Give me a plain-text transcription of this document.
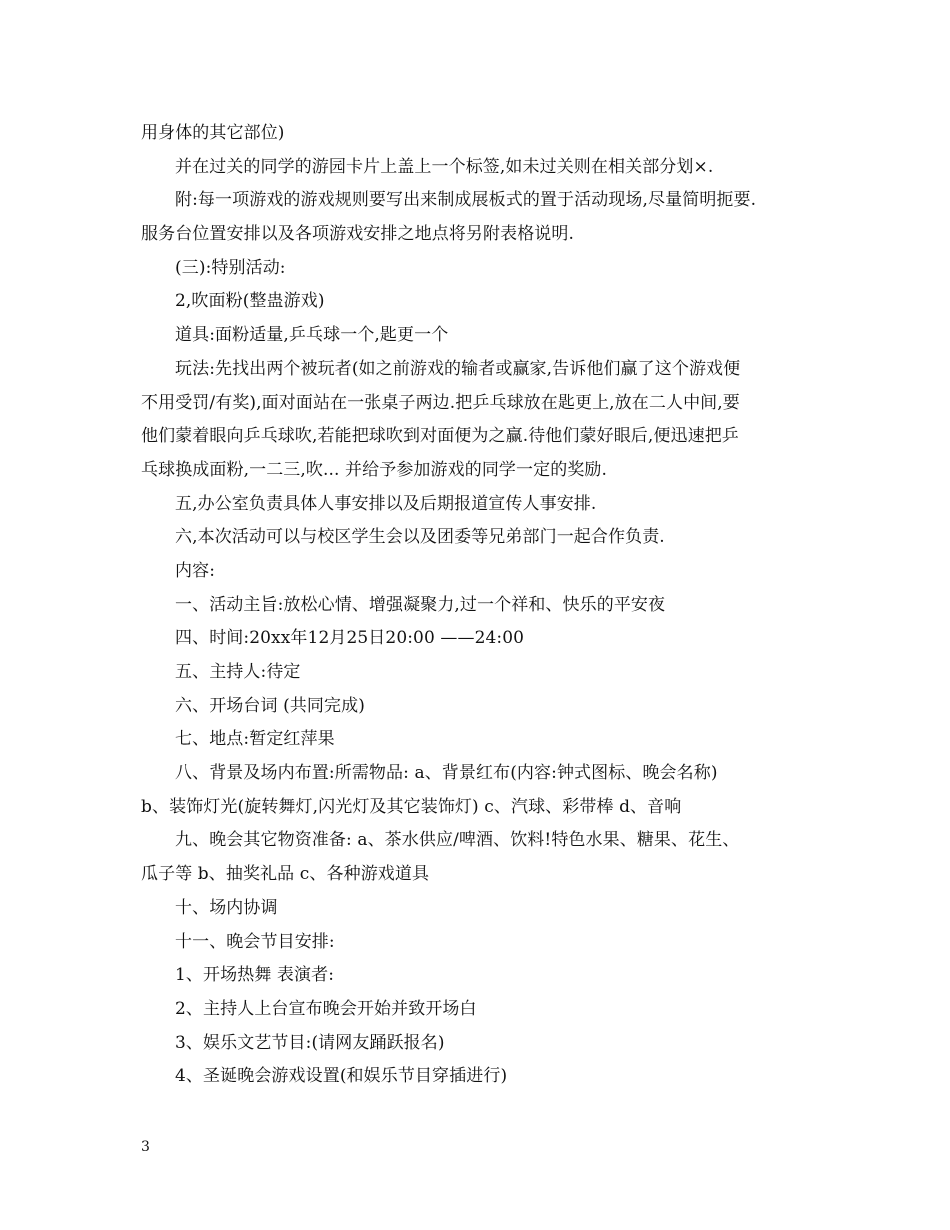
用身体的其它部位)
并在过关的同学的游园卡片上盖上一个标签,如未过关则在相关部分划×.
附:每一项游戏的游戏规则要写出来制成展板式的置于活动现场,尽量简明扼要.
服务台位置安排以及各项游戏安排之地点将另附表格说明.
(三):特别活动:
2,吹面粉(整蛊游戏)
道具:面粉适量,乒乓球一个,匙更一个
玩法:先找出两个被玩者(如之前游戏的输者或赢家,告诉他们赢了这个游戏便
不用受罚/有奖),面对面站在一张桌子两边.把乒乓球放在匙更上,放在二人中间,要
他们蒙着眼向乒乓球吹,若能把球吹到对面便为之赢.待他们蒙好眼后,便迅速把乒
乓球换成面粉,一二三,吹... 并给予参加游戏的同学一定的奖励.
五,办公室负责具体人事安排以及后期报道宣传人事安排.
六,本次活动可以与校区学生会以及团委等兄弟部门一起合作负责.
内容:
一、活动主旨:放松心情、增强凝聚力,过一个祥和、快乐的平安夜
四、时间:20xx年12月25日20:00 ——24:00
五、主持人:待定
六、开场台词 (共同完成)
七、地点:暂定红萍果
八、背景及场内布置:所需物品: a、背景红布(内容:钟式图标、晚会名称)
b、装饰灯光(旋转舞灯,闪光灯及其它装饰灯) c、汽球、彩带棒 d、音响
九、晚会其它物资准备: a、茶水供应/啤酒、饮料!特色水果、糖果、花生、
瓜子等 b、抽奖礼品 c、各种游戏道具
十、场内协调
十一、晚会节目安排:
1、开场热舞 表演者:
2、主持人上台宣布晚会开始并致开场白
3、娱乐文艺节目:(请网友踊跃报名)
4、圣诞晚会游戏设置(和娱乐节目穿插进行)
3
